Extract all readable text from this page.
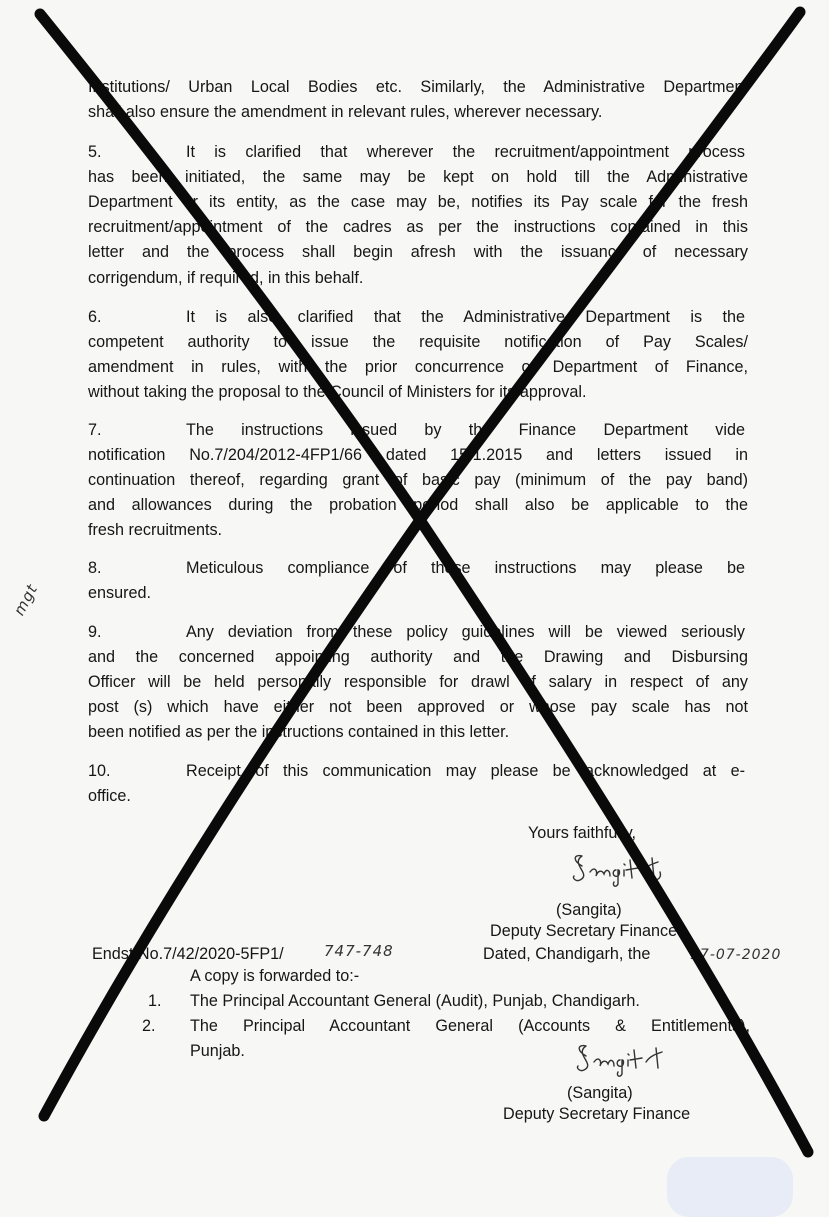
Institutions/ Urban Local Bodies etc. Similarly, the Administrative Department
shall also ensure the amendment in relevant rules, wherever necessary.
5.	It is clarified that wherever the recruitment/appointment process
has been initiated, the same may be kept on hold till the Administrative
Department or its entity, as the case may be, notifies its Pay scale for the fresh
recruitment/appointment of the cadres as per the instructions contained in this
letter and the process shall begin afresh with the issuance of necessary
corrigendum, if required, in this behalf.
6.	It is also clarified that the Administrative Department is the
competent authority to issue the requisite notification of Pay Scales/
amendment in rules, with the prior concurrence of Department of Finance,
without taking the proposal to the Council of Ministers for its approval.
7.	The instructions issued by the Finance Department vide
notification No.7/204/2012-4FP1/66 dated 15.1.2015 and letters issued in
continuation thereof, regarding grant of basic pay (minimum of the pay band)
and allowances during the probation period shall also be applicable to the
fresh recruitments.
8.	Meticulous compliance of these instructions may please be
ensured.
9.	Any deviation from these policy guidelines will be viewed seriously
and the concerned appointing authority and the Drawing and Disbursing
Officer will be held personally responsible for drawl of salary in respect of any
post (s) which have either not been approved or whose pay scale has not
been notified as per the instructions contained in this letter.
10.	Receipt of this communication may please be acknowledged at e-
office.
Yours faithfully,
(Sangita)
Deputy Secretary Finance
Endst.No.7/42/2020-5FP1/	747-748	Dated, Chandigarh, the	17-07-2020
A copy is forwarded to:-
1. The Principal Accountant General (Audit), Punjab, Chandigarh.
2. The Principal Accountant General (Accounts & Entitlements),
Punjab.
(Sangita)
Deputy Secretary Finance
mgt
